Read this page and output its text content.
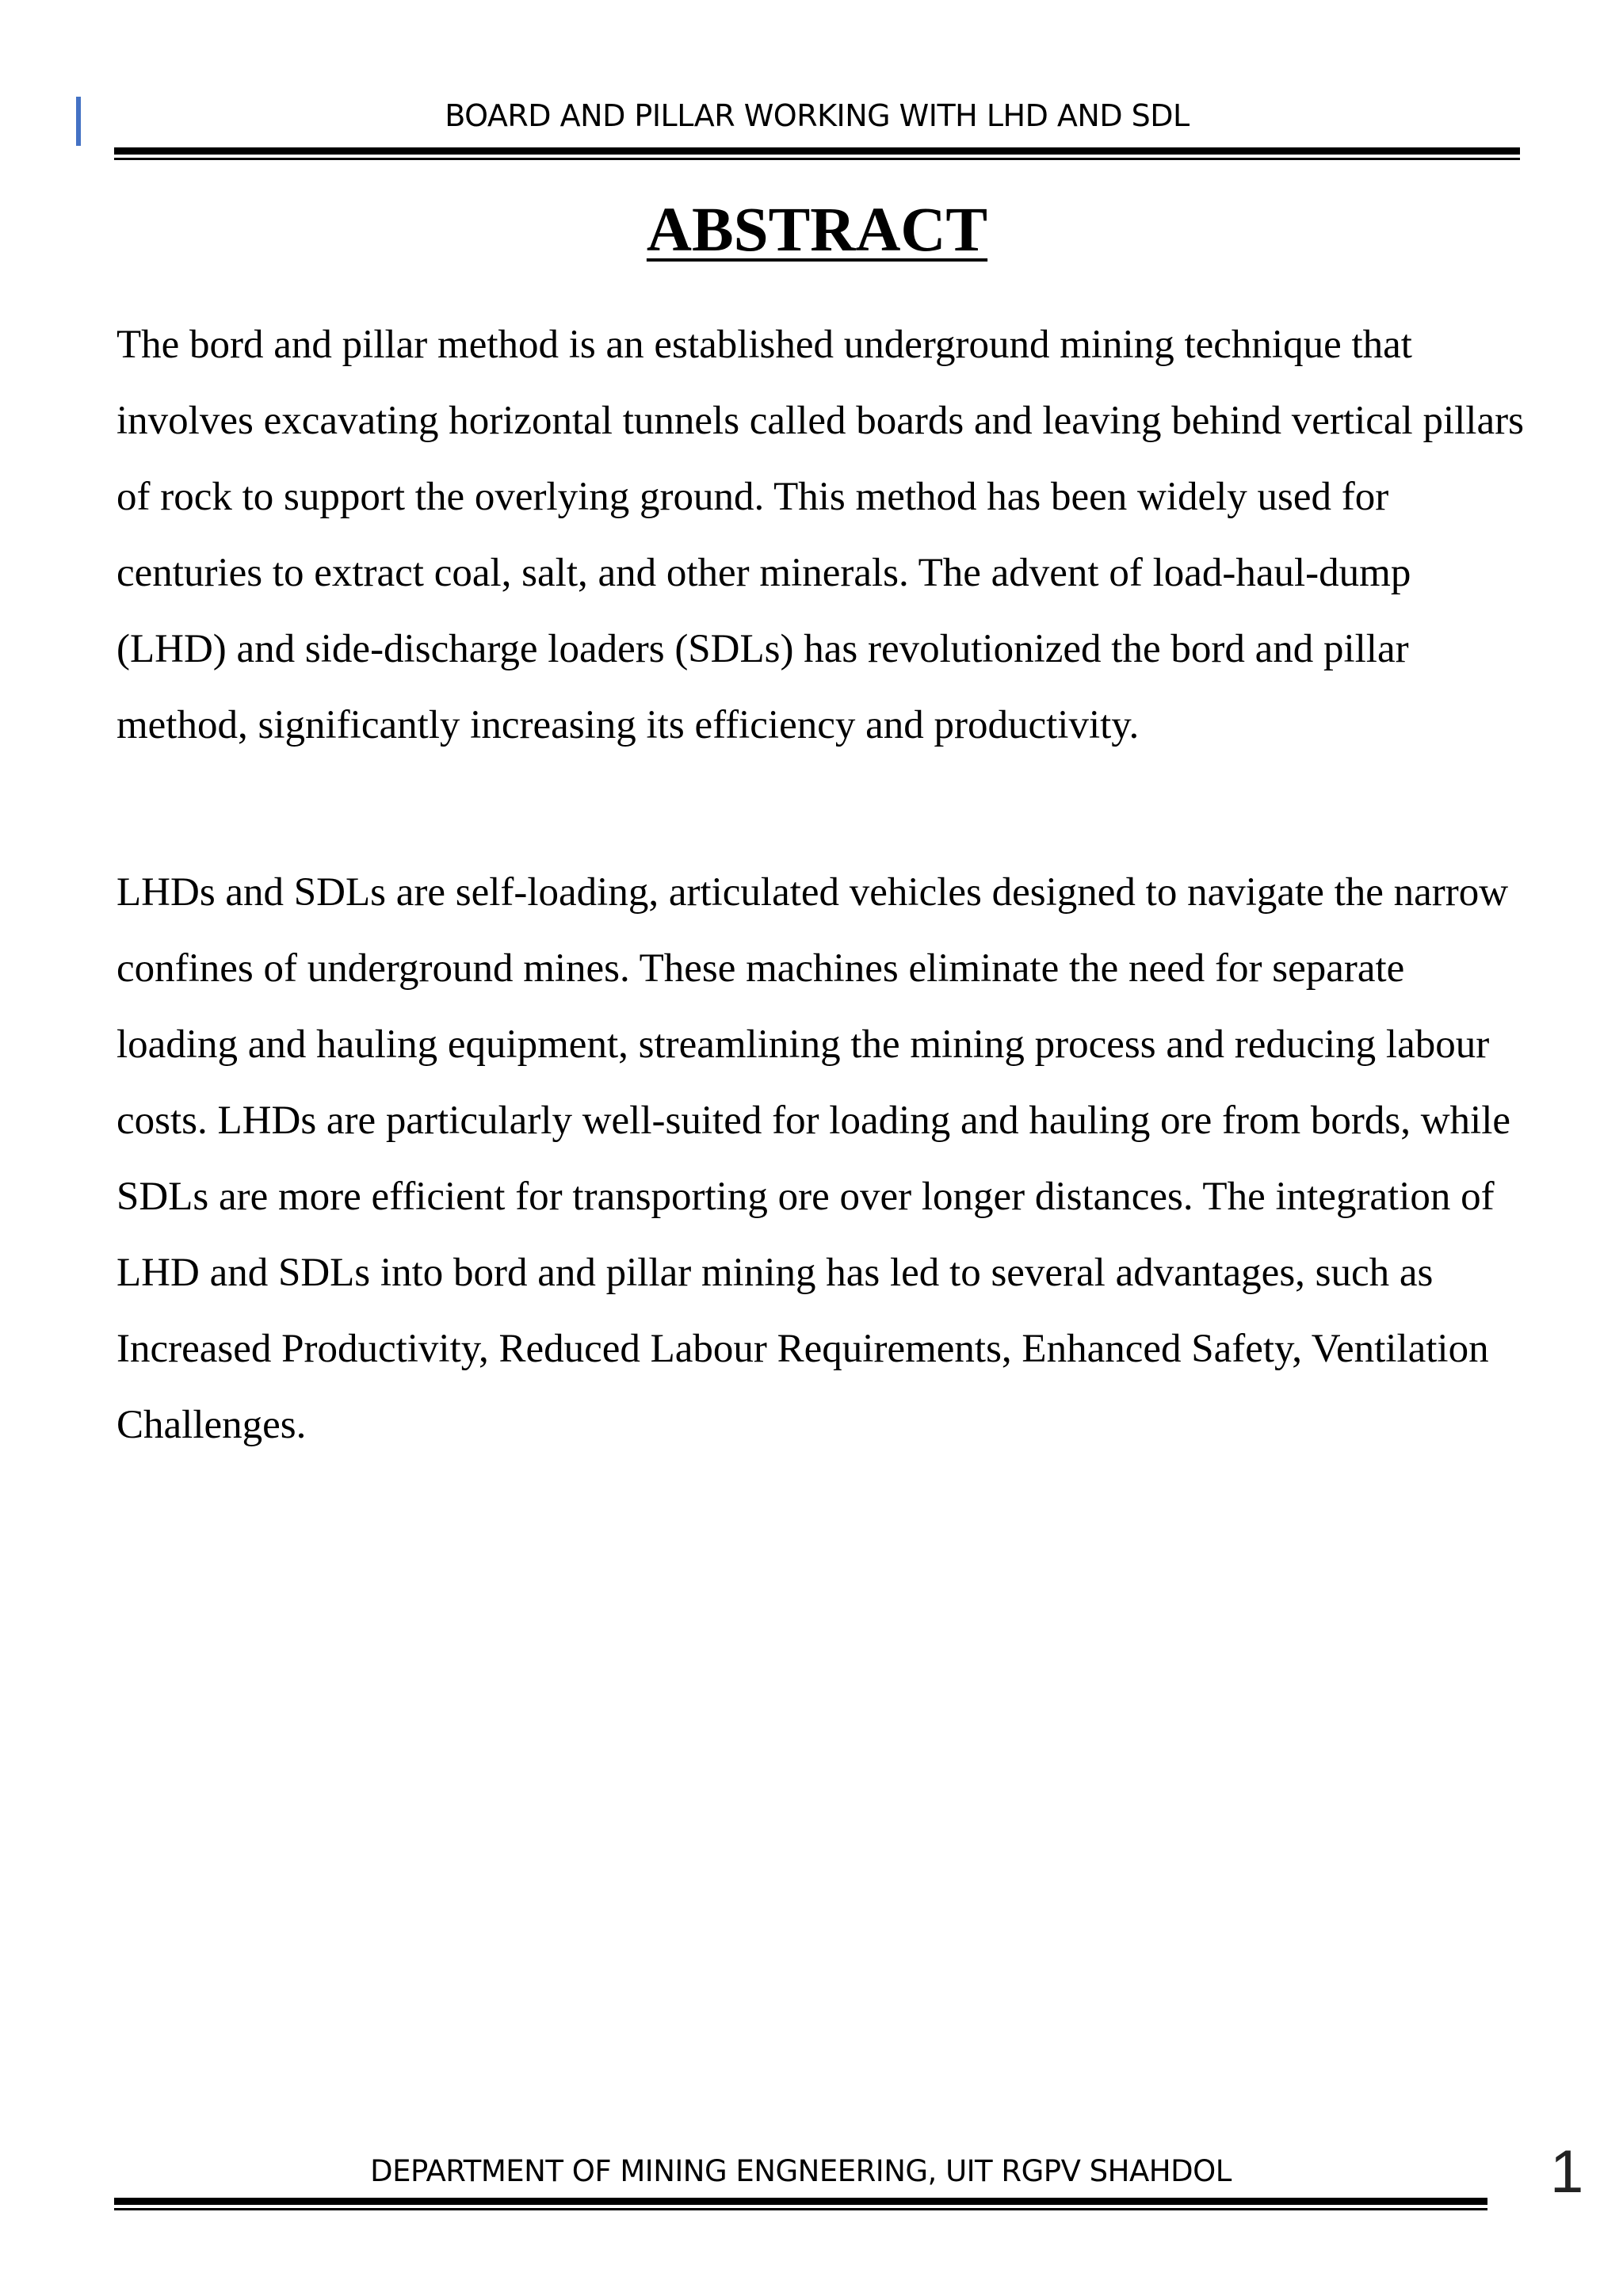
BOARD AND PILLAR WORKING WITH LHD AND SDL
ABSTRACT

The bord and pillar method is an established underground mining technique that involves excavating horizontal tunnels called boards and leaving behind vertical pillars of rock to support the overlying ground. This method has been widely used for centuries to extract coal, salt, and other minerals. The advent of load-haul-dump (LHD) and side-discharge loaders (SDLs) has revolutionized the bord and pillar method, significantly increasing its efficiency and productivity.

LHDs and SDLs are self-loading, articulated vehicles designed to navigate the narrow confines of underground mines. These machines eliminate the need for separate loading and hauling equipment, streamlining the mining process and reducing labour costs. LHDs are particularly well-suited for loading and hauling ore from bords, while SDLs are more efficient for transporting ore over longer distances. The integration of LHD and SDLs into bord and pillar mining has led to several advantages, such as Increased Productivity, Reduced Labour Requirements, Enhanced Safety, Ventilation Challenges.

DEPARTMENT OF MINING ENGNEERING, UIT RGPV SHAHDOL	1
